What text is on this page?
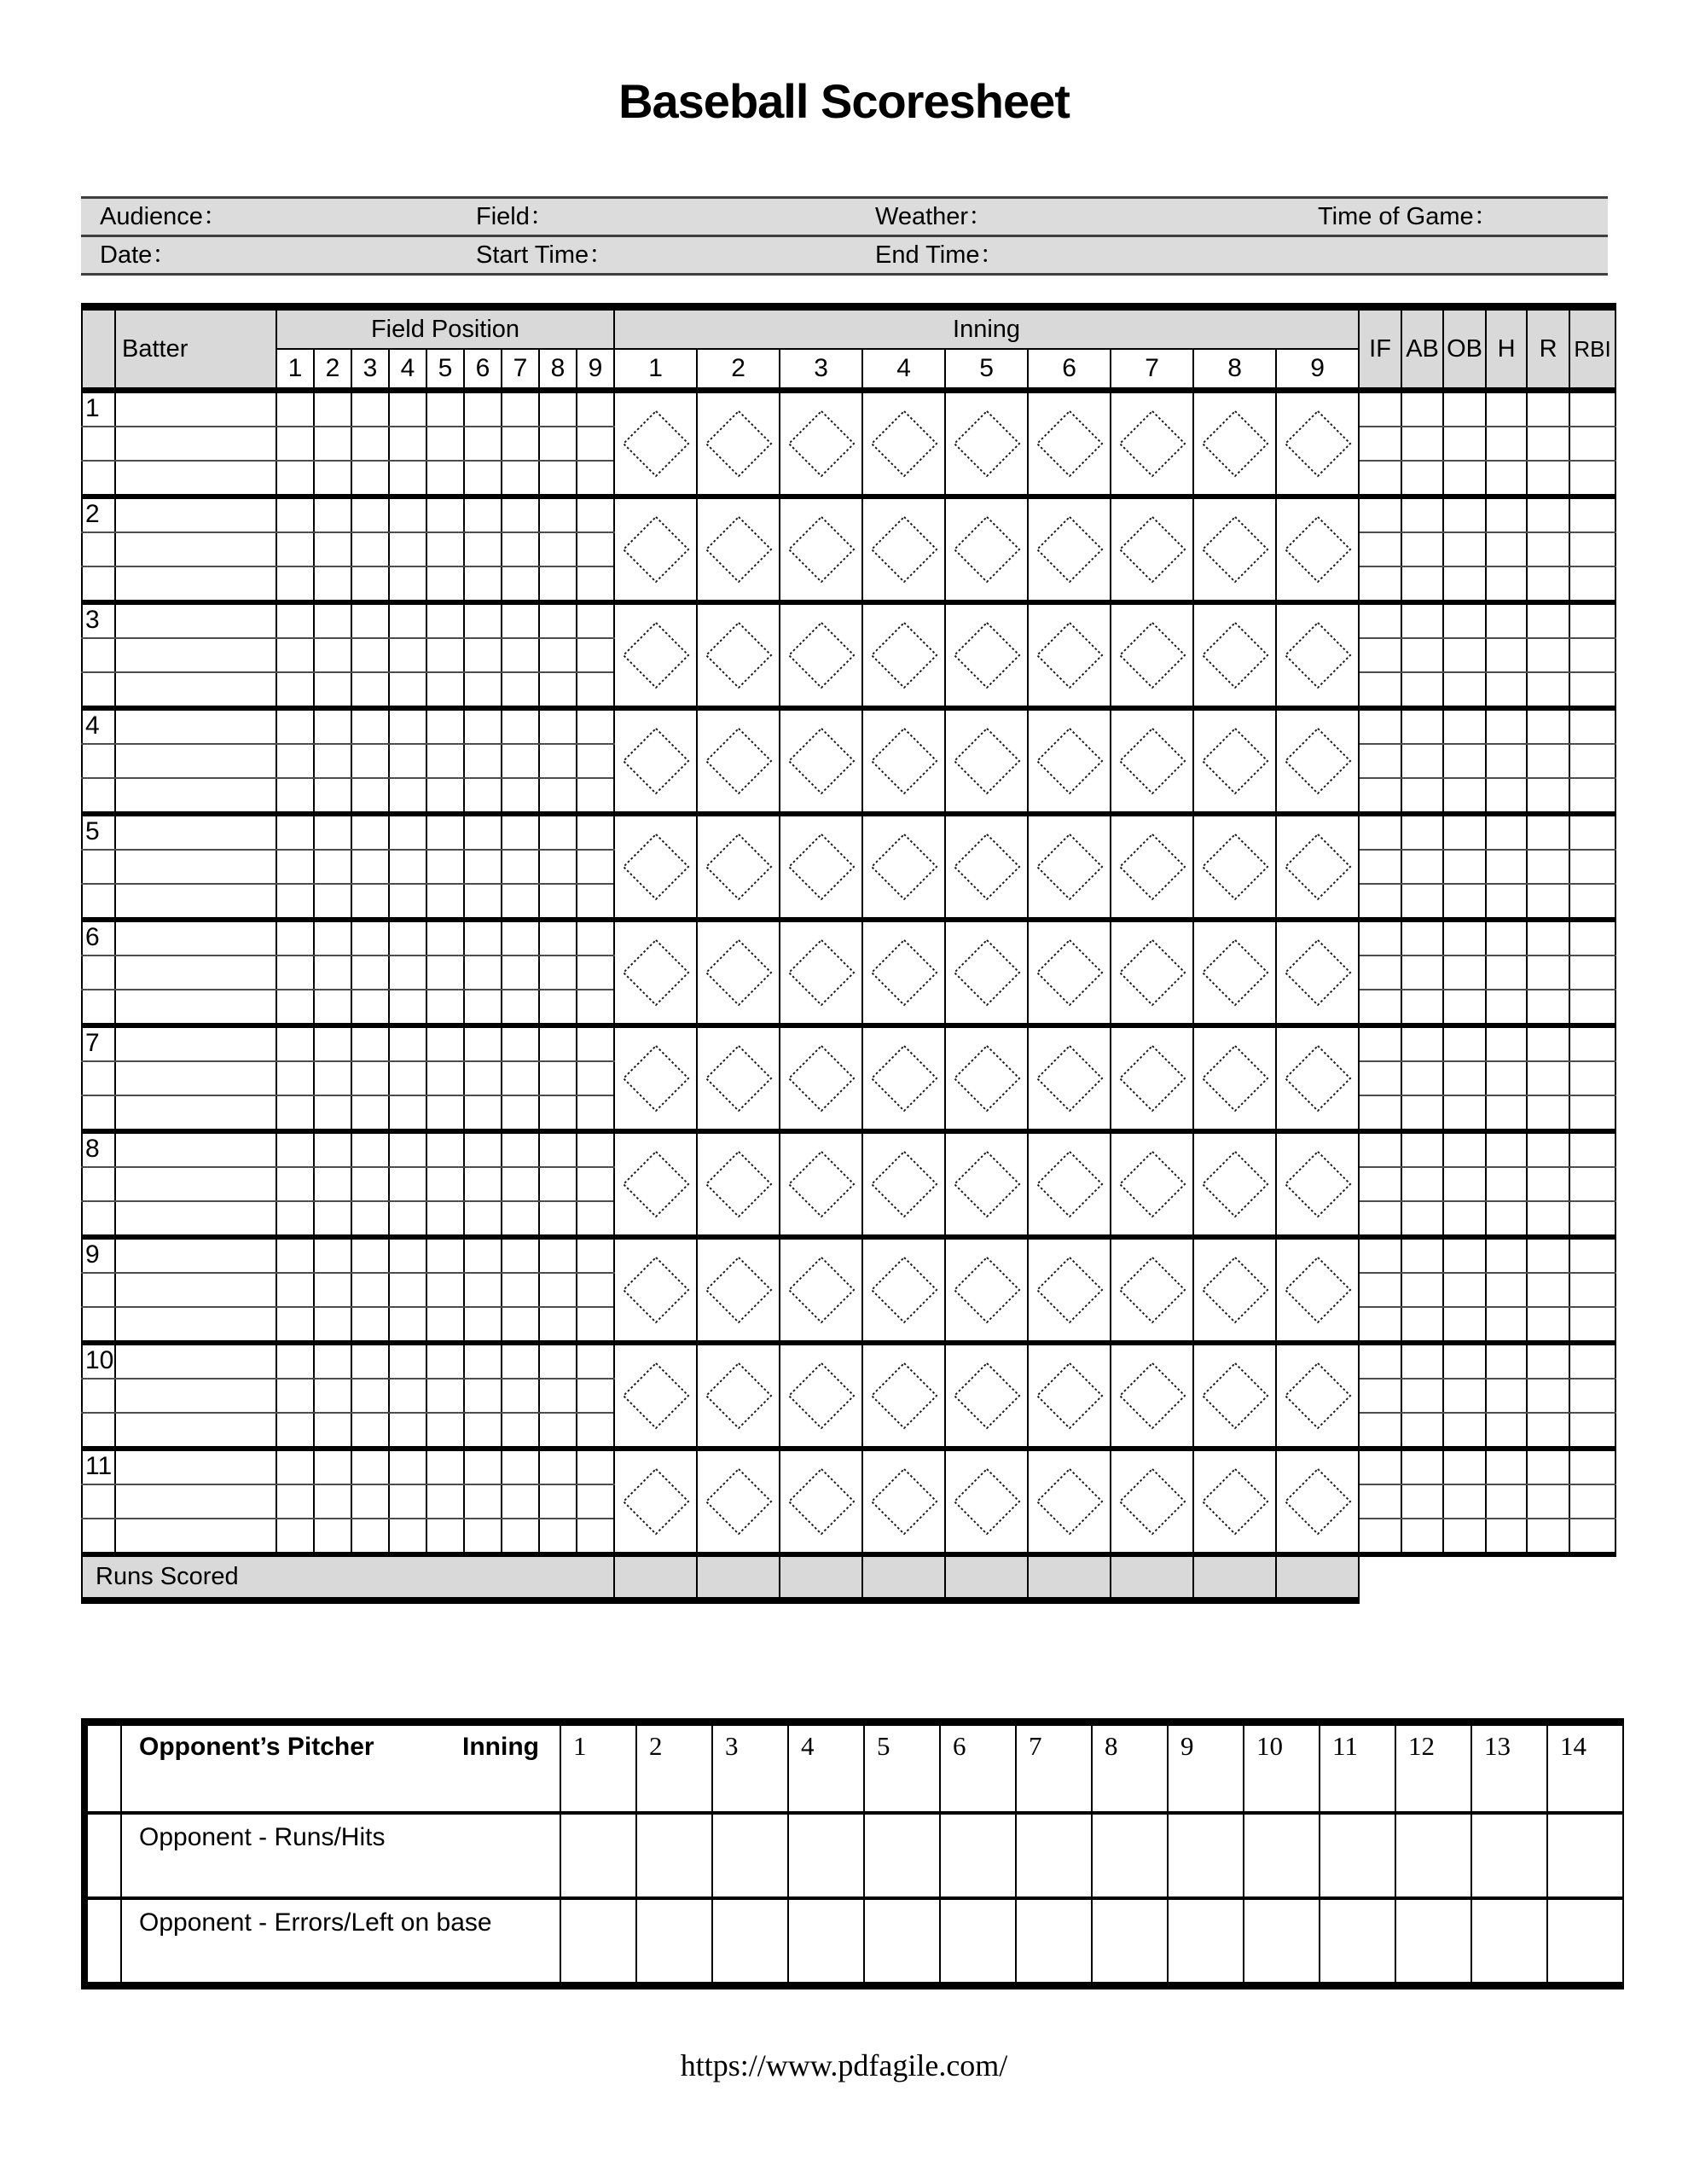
Baseball Scoresheet
Audience：	Field：	Weather：	Time of Game：
Date：	Start Time：	End Time：
	Batter	Field Position									Inning									IF	AB	OB	H	R	RBI
		1	2	3	4	5	6	7	8	9	1	2	3	4	5	6	7	8	9						
1											

2											

3											

4											

5											

6											

7											

8											

9											

10											

11											

Runs Scored																									

	Opponent’s Pitcher Inning	1	2	3	4	5	6	7	8	9	10	11	12	13	14
	Opponent - Runs/Hits														
	Opponent - Errors/Left on base														
https://www.pdfagile.com/
